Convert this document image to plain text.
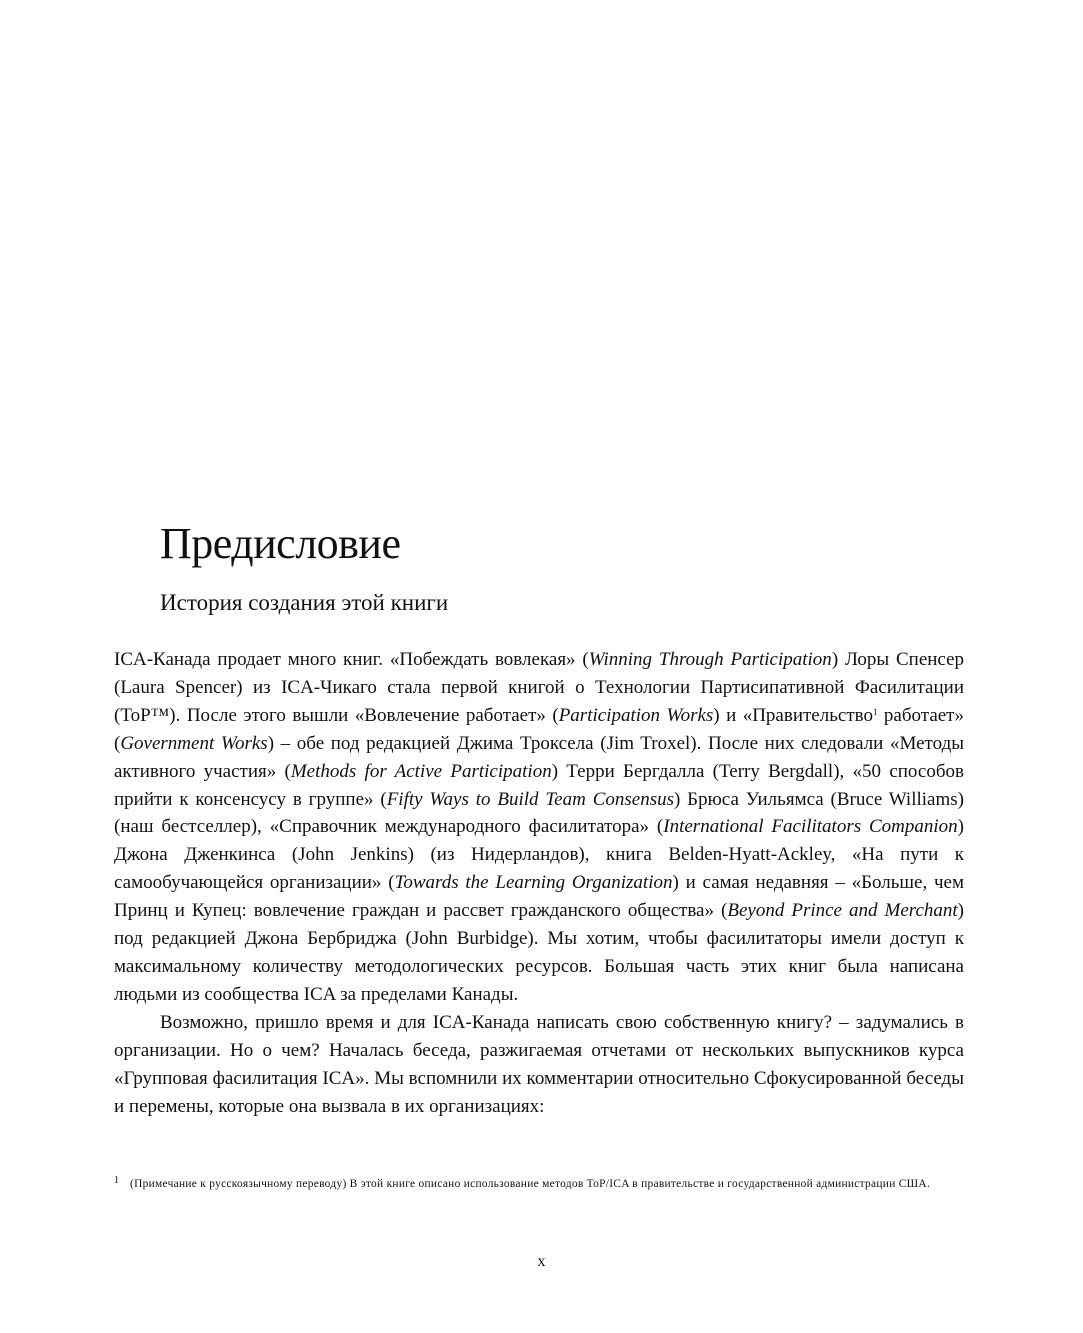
Предисловие
История создания этой книги

ICA-Канада продает много книг. «Побеждать вовлекая» (Winning Through Participation) Лоры Спенсер (Laura Spencer) из ICA-Чикаго стала первой книгой о Технологии Партисипативной Фасилитации (ToP™). После этого вышли «Вовлечение работает» (Participation Works) и «Правительство$^1$ работает» (Government Works) – обе под редакцией Джима Троксела (Jim Troxel). После них следовали «Методы активного участия» (Methods for Active Participation) Терри Бергдалла (Terry Bergdall), «50 способов прийти к консенсусу в группе» (Fifty Ways to Build Team Consensus) Брюса Уильямса (Bruce Williams) (наш бестселлер), «Справочник международного фасилитатора» (International Facilitators Companion) Джона Дженкинса (John Jenkins) (из Нидерландов), книга Belden-Hyatt-Ackley, «На пути к самообучающейся организации» (Towards the Learning Organization) и самая недавняя – «Больше, чем Принц и Купец: вовлечение граждан и рассвет гражданского общества» (Beyond Prince and Merchant) под редакцией Джона Бербриджа (John Burbidge). Мы хотим, чтобы фасилитаторы имели доступ к максимальному количеству методологических ресурсов. Большая часть этих книг была написана людьми из сообщества ICA за пределами Канады.

Возможно, пришло время и для ICA-Канада написать свою собственную книгу? – задумались в организации. Но о чем? Началась беседа, разжигаемая отчетами от нескольких выпускников курса «Групповая фасилитация ICA». Мы вспомнили их комментарии относительно Сфокусированной беседы и перемены, которые она вызвала в их организациях:

1 (Примечание к русскоязычному переводу) В этой книге описано использование методов ToP/ICA в правительстве и государственной администрации США.
x
